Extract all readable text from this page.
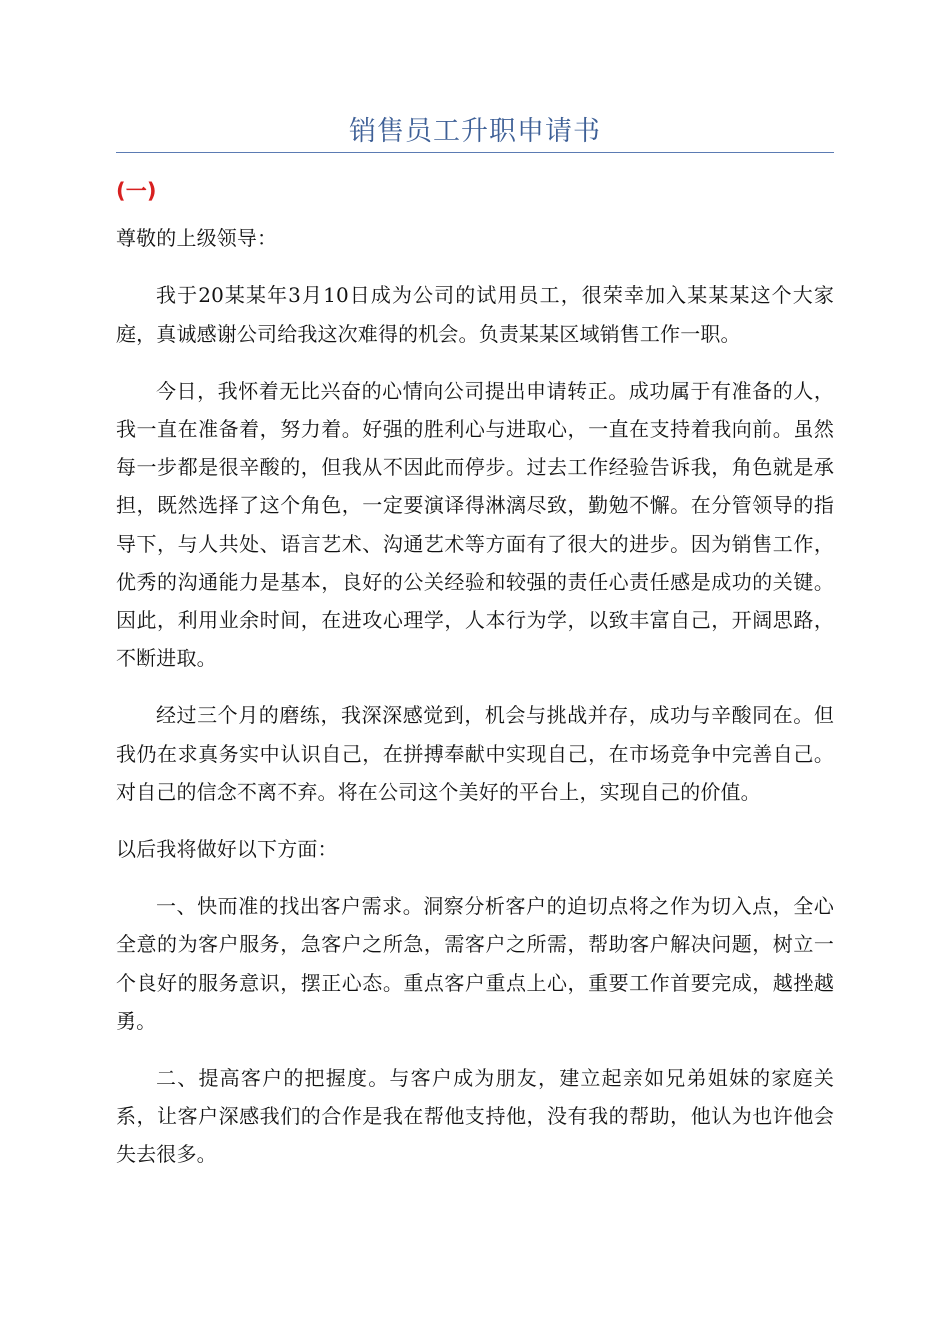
销售员工升职申请书
(一)

尊敬的上级领导：

我于20某某年3月10日成为公司的试用员工，很荣幸加入某某某这个大家庭，真诚感谢公司给我这次难得的机会。负责某某区域销售工作一职。

今日，我怀着无比兴奋的心情向公司提出申请转正。成功属于有准备的人，我一直在准备着，努力着。好强的胜利心与进取心，一直在支持着我向前。虽然每一步都是很辛酸的，但我从不因此而停步。过去工作经验告诉我，角色就是承担，既然选择了这个角色，一定要演译得淋漓尽致，勤勉不懈。在分管领导的指导下，与人共处、语言艺术、沟通艺术等方面有了很大的进步。因为销售工作，优秀的沟通能力是基本，良好的公关经验和较强的责任心责任感是成功的关键。因此，利用业余时间，在进攻心理学，人本行为学，以致丰富自己，开阔思路，不断进取。

经过三个月的磨练，我深深感觉到，机会与挑战并存，成功与辛酸同在。但我仍在求真务实中认识自己，在拼搏奉献中实现自己，在市场竞争中完善自己。对自己的信念不离不弃。将在公司这个美好的平台上，实现自己的价值。

以后我将做好以下方面：

一、快而准的找出客户需求。洞察分析客户的迫切点将之作为切入点，全心全意的为客户服务，急客户之所急，需客户之所需，帮助客户解决问题，树立一个良好的服务意识，摆正心态。重点客户重点上心，重要工作首要完成，越挫越勇。

二、提高客户的把握度。与客户成为朋友，建立起亲如兄弟姐妹的家庭关系，让客户深感我们的合作是我在帮他支持他，没有我的帮助，他认为也许他会失去很多。
